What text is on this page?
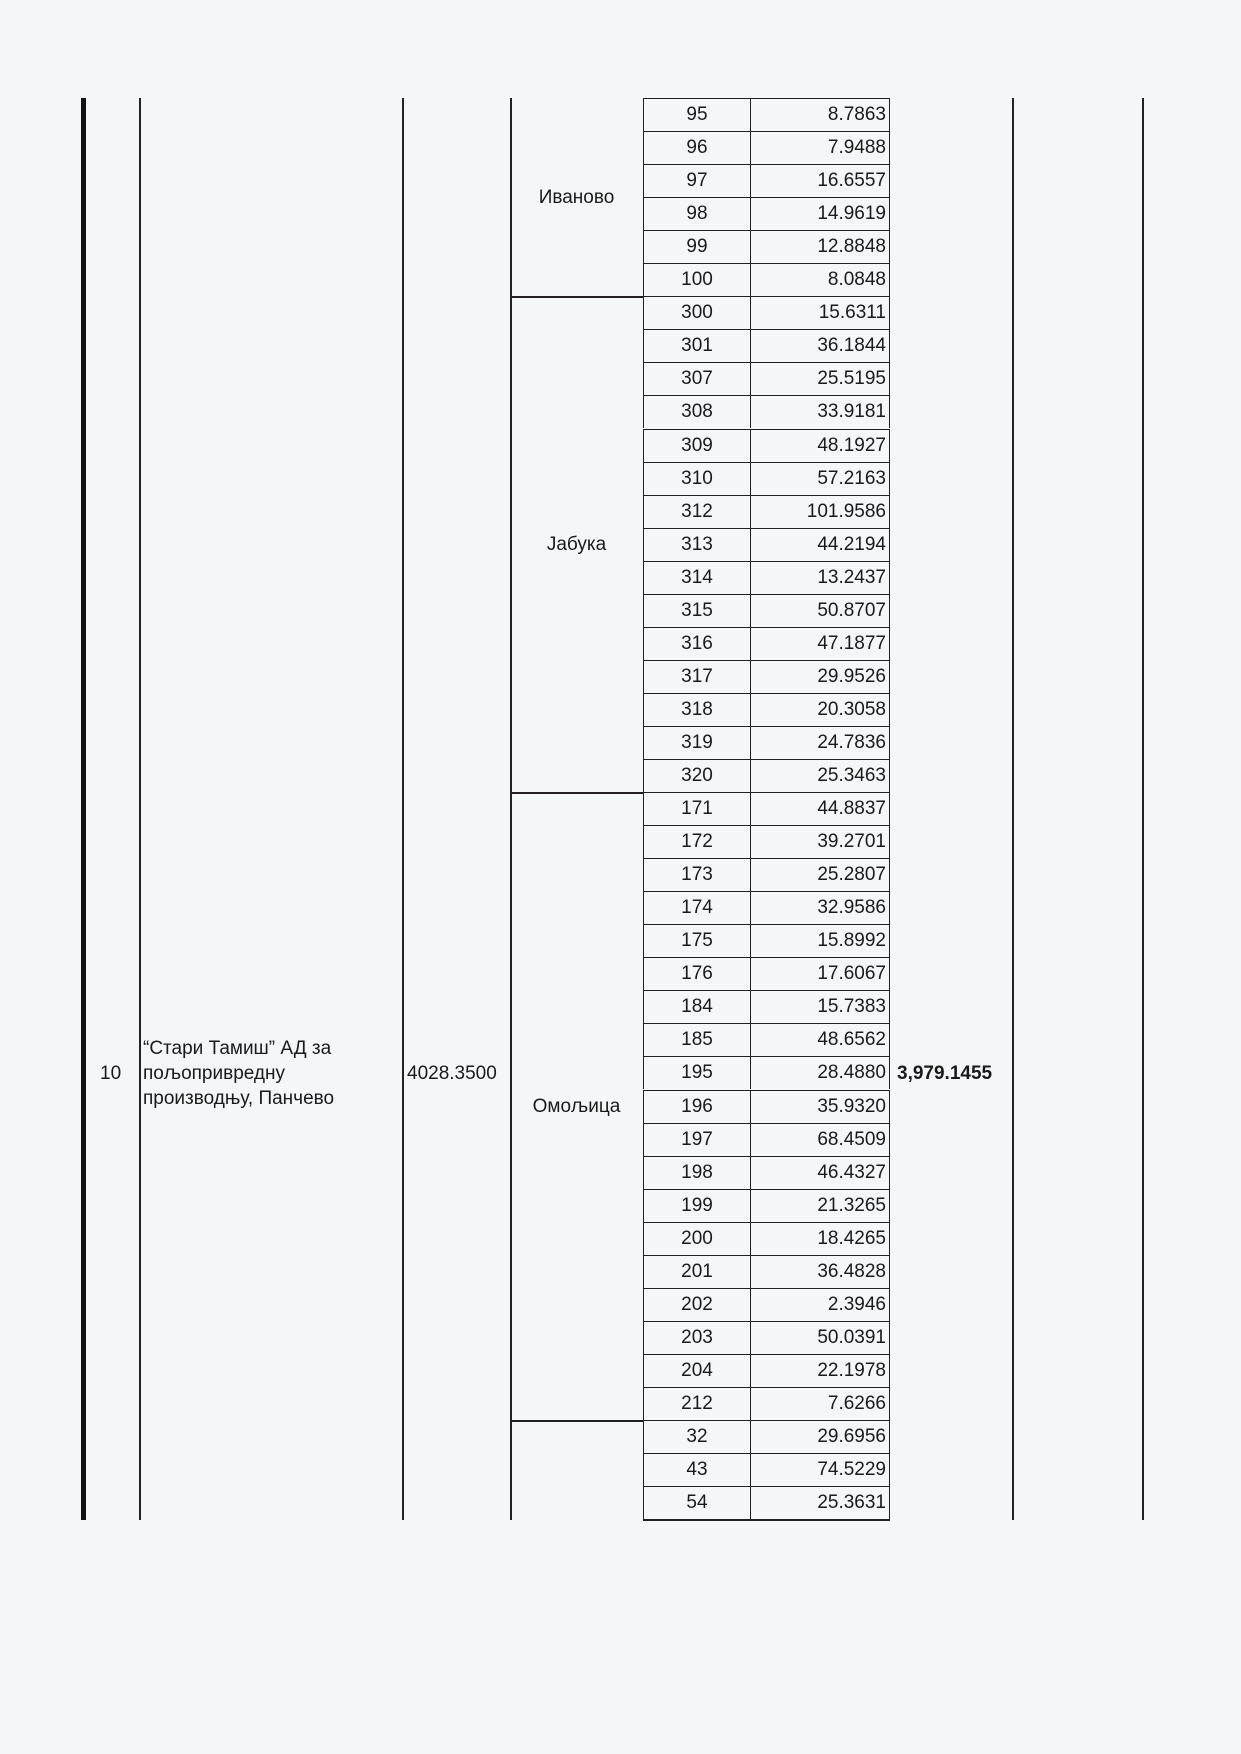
10
“Стари Тамиш” АД за
пољопривредну
производњу, Панчево
4028.3500	3,979.1455
95	8.7863
96	7.9488
97	16.6557
98	14.9619
99	12.8848
100	8.0848
Иваново
300	15.6311
301	36.1844
307	25.5195
308	33.9181
309	48.1927
310	57.2163
312	101.9586
313	44.2194
314	13.2437
315	50.8707
316	47.1877
317	29.9526
318	20.3058
319	24.7836
320	25.3463
Јабука
171	44.8837
172	39.2701
173	25.2807
174	32.9586
175	15.8992
176	17.6067
184	15.7383
185	48.6562
195	28.4880
196	35.9320
197	68.4509
198	46.4327
199	21.3265
200	18.4265
201	36.4828
202	2.3946
203	50.0391
204	22.1978
212	7.6266
Омољица
32	29.6956
43	74.5229
54	25.3631
